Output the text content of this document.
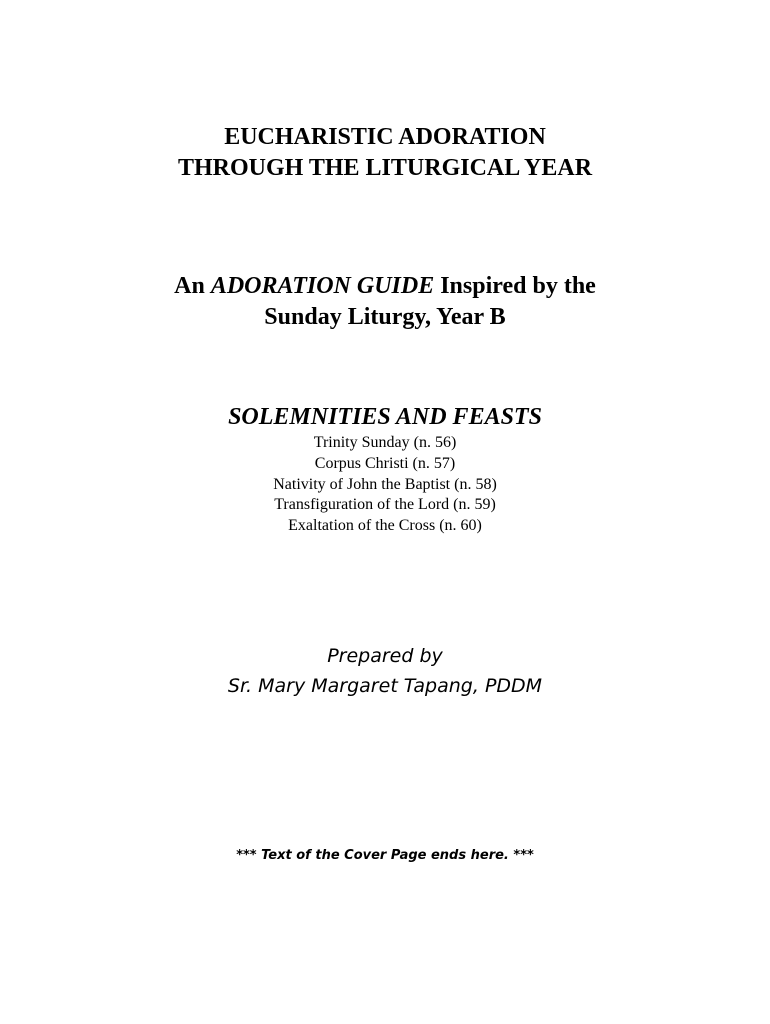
EUCHARISTIC ADORATION
THROUGH THE LITURGICAL YEAR
An ADORATION GUIDE Inspired by the
Sunday Liturgy, Year B
SOLEMNITIES AND FEASTS
Trinity Sunday (n. 56)
Corpus Christi (n. 57)
Nativity of John the Baptist (n. 58)
Transfiguration of the Lord (n. 59)
Exaltation of the Cross (n. 60)
Prepared by
Sr. Mary Margaret Tapang, PDDM
*** Text of the Cover Page ends here. ***
